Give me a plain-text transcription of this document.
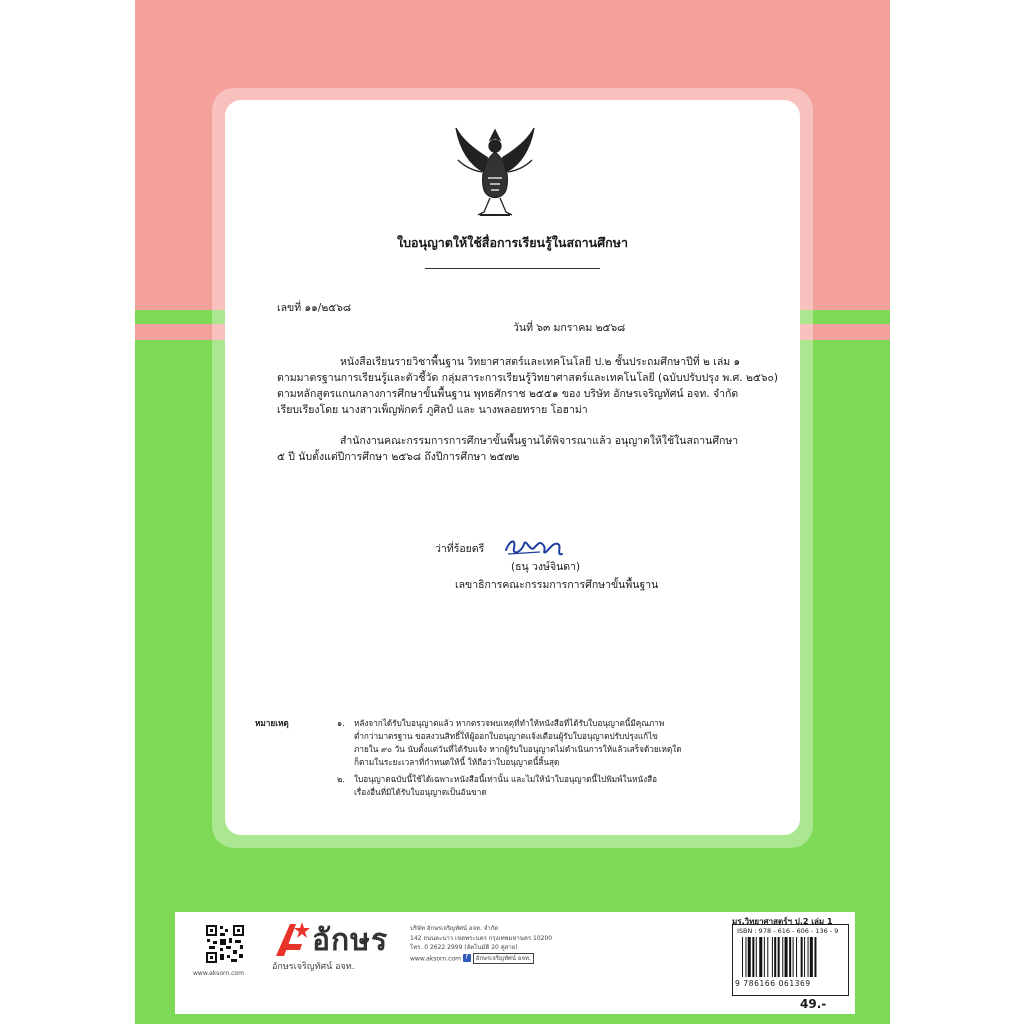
ใบอนุญาตให้ใช้สื่อการเรียนรู้ในสถานศึกษา
เลขที่ ๑๑/๒๕๖๘
วันที่ ๖๓ มกราคม ๒๕๖๘
หนังสือเรียนรายวิชาพื้นฐาน วิทยาศาสตร์และเทคโนโลยี ป.๒ ชั้นประถมศึกษาปีที่ ๒ เล่ม ๑
ตามมาตรฐานการเรียนรู้และตัวชี้วัด กลุ่มสาระการเรียนรู้วิทยาศาสตร์และเทคโนโลยี (ฉบับปรับปรุง พ.ศ. ๒๕๖๐)
ตามหลักสูตรแกนกลางการศึกษาขั้นพื้นฐาน พุทธศักราช ๒๕๕๑ ของ บริษัท อักษรเจริญทัศน์ อจท. จำกัด
เรียบเรียงโดย นางสาวเพ็ญพักตร์ ภูศิลป์ และ นางพลอยทราย โอฮาม่า
สำนักงานคณะกรรมการการศึกษาขั้นพื้นฐานได้พิจารณาแล้ว อนุญาตให้ใช้ในสถานศึกษา
๕ ปี นับตั้งแต่ปีการศึกษา ๒๕๖๘ ถึงปีการศึกษา ๒๕๗๒
ว่าที่ร้อยตรี
(ธนุ วงษ์จินดา)
เลขาธิการคณะกรรมการการศึกษาขั้นพื้นฐาน
หมายเหตุ	๑.	หลังจากได้รับใบอนุญาตแล้ว หากตรวจพบเหตุที่ทำให้หนังสือที่ได้รับใบอนุญาตนี้มีคุณภาพ
ต่ำกว่ามาตรฐาน ขอสงวนสิทธิ์ให้ผู้ออกใบอนุญาตแจ้งเตือนผู้รับใบอนุญาตปรับปรุงแก้ไข
ภายใน ๙๐ วัน นับตั้งแต่วันที่ได้รับแจ้ง หากผู้รับใบอนุญาตไม่ดำเนินการให้แล้วเสร็จด้วยเหตุใด
ก็ตามในระยะเวลาที่กำหนดให้นี้ ให้ถือว่าใบอนุญาตนี้สิ้นสุด
๒.	ใบอนุญาตฉบับนี้ใช้ได้เฉพาะหนังสือนี้เท่านั้น และไม่ให้นำใบอนุญาตนี้ไปพิมพ์ในหนังสือ
เรื่องอื่นที่มิได้รับใบอนุญาตเป็นอันขาด
www.aksorn.com
อักษร
อักษรเจริญทัศน์ อจท.
บริษัท อักษรเจริญทัศน์ อจท. จำกัด
142 ถนนตะนาว เขตพระนคร กรุงเทพมหานคร 10200
โทร. 0 2622 2999 (อัตโนมัติ 20 คู่สาย)
www.aksorn.com f อักษรเจริญทัศน์ อจท.
มร.วิทยาศาสตร์ฯ ป.2 เล่ม 1
ISBN : 978 - 616 - 606 - 136 - 9
9 786166 061369
49.-
